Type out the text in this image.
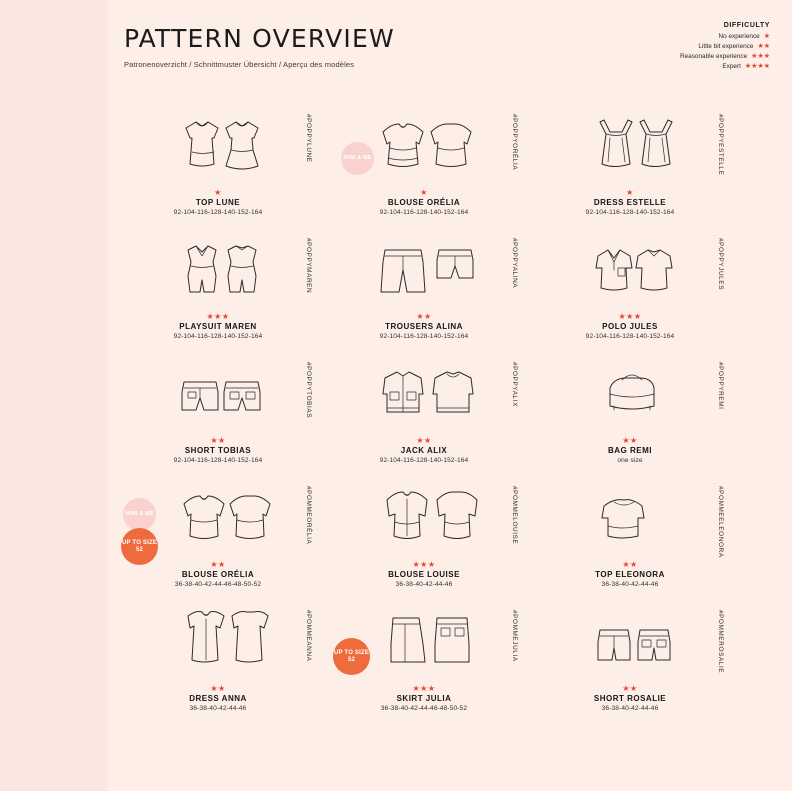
PATTERN OVERVIEW
Patronenoverzicht / Schnittmuster Übersicht / Aperçu des modèles
DIFFICULTY
No experience ★
Little bit experience ★★
Reasonable experience ★★★
Expert ★★★★
★
TOP LUNE
92-104-116-128-140-152-164
#POPPYLUNE	MINI & ME
★
BLOUSE ORÉLIA
92-104-116-128-140-152-164
#POPPYORÉLIA
★
DRESS ESTELLE
92-104-116-128-140-152-164
#POPPYESTELLE
★★★
PLAYSUIT MAREN
92-104-116-128-140-152-164
#POPPYMAREN
★★
TROUSERS ALINA
92-104-116-128-140-152-164
#POPPYALINA
★★★
POLO JULES
92-104-116-128-140-152-164
#POPPYJULES
★★
SHORT TOBIAS
92-104-116-128-140-152-164
#POPPYTOBIAS
★★
JACK ALIX
92-104-116-128-140-152-164
#POPPYALIX
★★
BAG REMI
one size
#POPPYREMI
MINI & ME
UP TO SIZE 52
★★
BLOUSE ORÉLIA
36-38-40-42-44-46-48-50-52
#POMMEORÉLIA
★★★
BLOUSE LOUISE
36-38-40-42-44-46
#POMMELOUISE
★★
TOP ELEONORA
36-38-40-42-44-46
#POMMEELEONORA
★★
DRESS ANNA
36-38-40-42-44-46
#POMMEANNA	UP TO SIZE 52
★★★
SKIRT JULIA
36-38-40-42-44-46-48-50-52
#POMMEJULIA
★★
SHORT ROSALIE
36-38-40-42-44-46
#POMMEROSALIE
